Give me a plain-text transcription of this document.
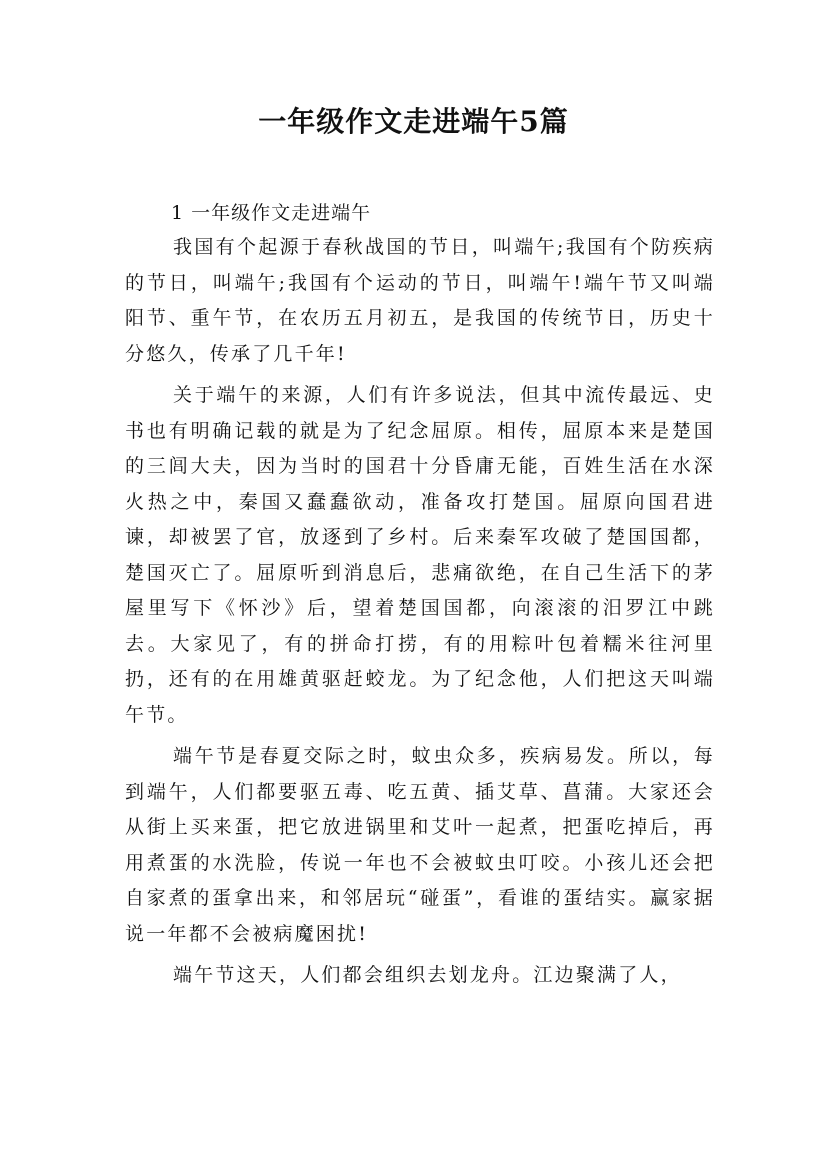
一年级作文走进端午5篇

1 一年级作文走进端午

我国有个起源于春秋战国的节日，叫端午;我国有个防疾病的节日，叫端午;我国有个运动的节日，叫端午!端午节又叫端阳节、重午节，在农历五月初五，是我国的传统节日，历史十分悠久，传承了几千年!

关于端午的来源，人们有许多说法，但其中流传最远、史书也有明确记载的就是为了纪念屈原。相传，屈原本来是楚国的三闾大夫，因为当时的国君十分昏庸无能，百姓生活在水深火热之中，秦国又蠢蠢欲动，准备攻打楚国。屈原向国君进谏，却被罢了官，放逐到了乡村。后来秦军攻破了楚国国都，楚国灭亡了。屈原听到消息后，悲痛欲绝，在自己生活下的茅屋里写下《怀沙》后，望着楚国国都，向滚滚的汨罗江中跳去。大家见了，有的拼命打捞，有的用粽叶包着糯米往河里扔，还有的在用雄黄驱赶蛟龙。为了纪念他，人们把这天叫端午节。

端午节是春夏交际之时，蚊虫众多，疾病易发。所以，每到端午，人们都要驱五毒、吃五黄、插艾草、菖蒲。大家还会从街上买来蛋，把它放进锅里和艾叶一起煮，把蛋吃掉后，再用煮蛋的水洗脸，传说一年也不会被蚊虫叮咬。小孩儿还会把自家煮的蛋拿出来，和邻居玩“碰蛋”，看谁的蛋结实。赢家据说一年都不会被病魔困扰!

端午节这天，人们都会组织去划龙舟。江边聚满了人，
